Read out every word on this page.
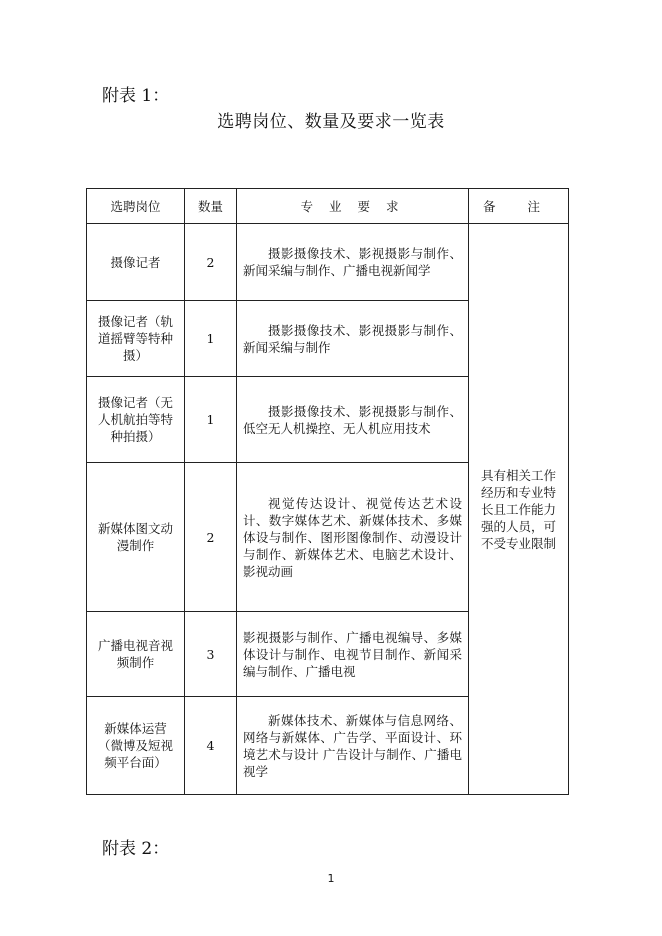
附表 1：
选聘岗位、数量及要求一览表
选聘岗位	数量	专 业 要 求	备 注
摄像记者	2	摄影摄像技术、影视摄影与制作、新闻采编与制作、广播电视新闻学	具有相关工作经历和专业特长且工作能力强的人员，可不受专业限制
摄像记者（轨道摇臂等特种摄）	1	摄影摄像技术、影视摄影与制作、新闻采编与制作	
摄像记者（无人机航拍等特种拍摄）	1	摄影摄像技术、影视摄影与制作、低空无人机操控、无人机应用技术	
新媒体图文动漫制作	2	视觉传达设计、视觉传达艺术设计、数字媒体艺术、新媒体技术、多媒体设与制作、图形图像制作、动漫设计与制作、新媒体艺术、电脑艺术设计、影视动画	
广播电视音视频制作	3	影视摄影与制作、广播电视编导、多媒体设计与制作、电视节目制作、新闻采编与制作、广播电视	
新媒体运营（微博及短视频平台面）	4	新媒体技术、新媒体与信息网络、网络与新媒体、广告学、平面设计、环境艺术与设计 广告设计与制作、广播电视学	
附表 2：
1
